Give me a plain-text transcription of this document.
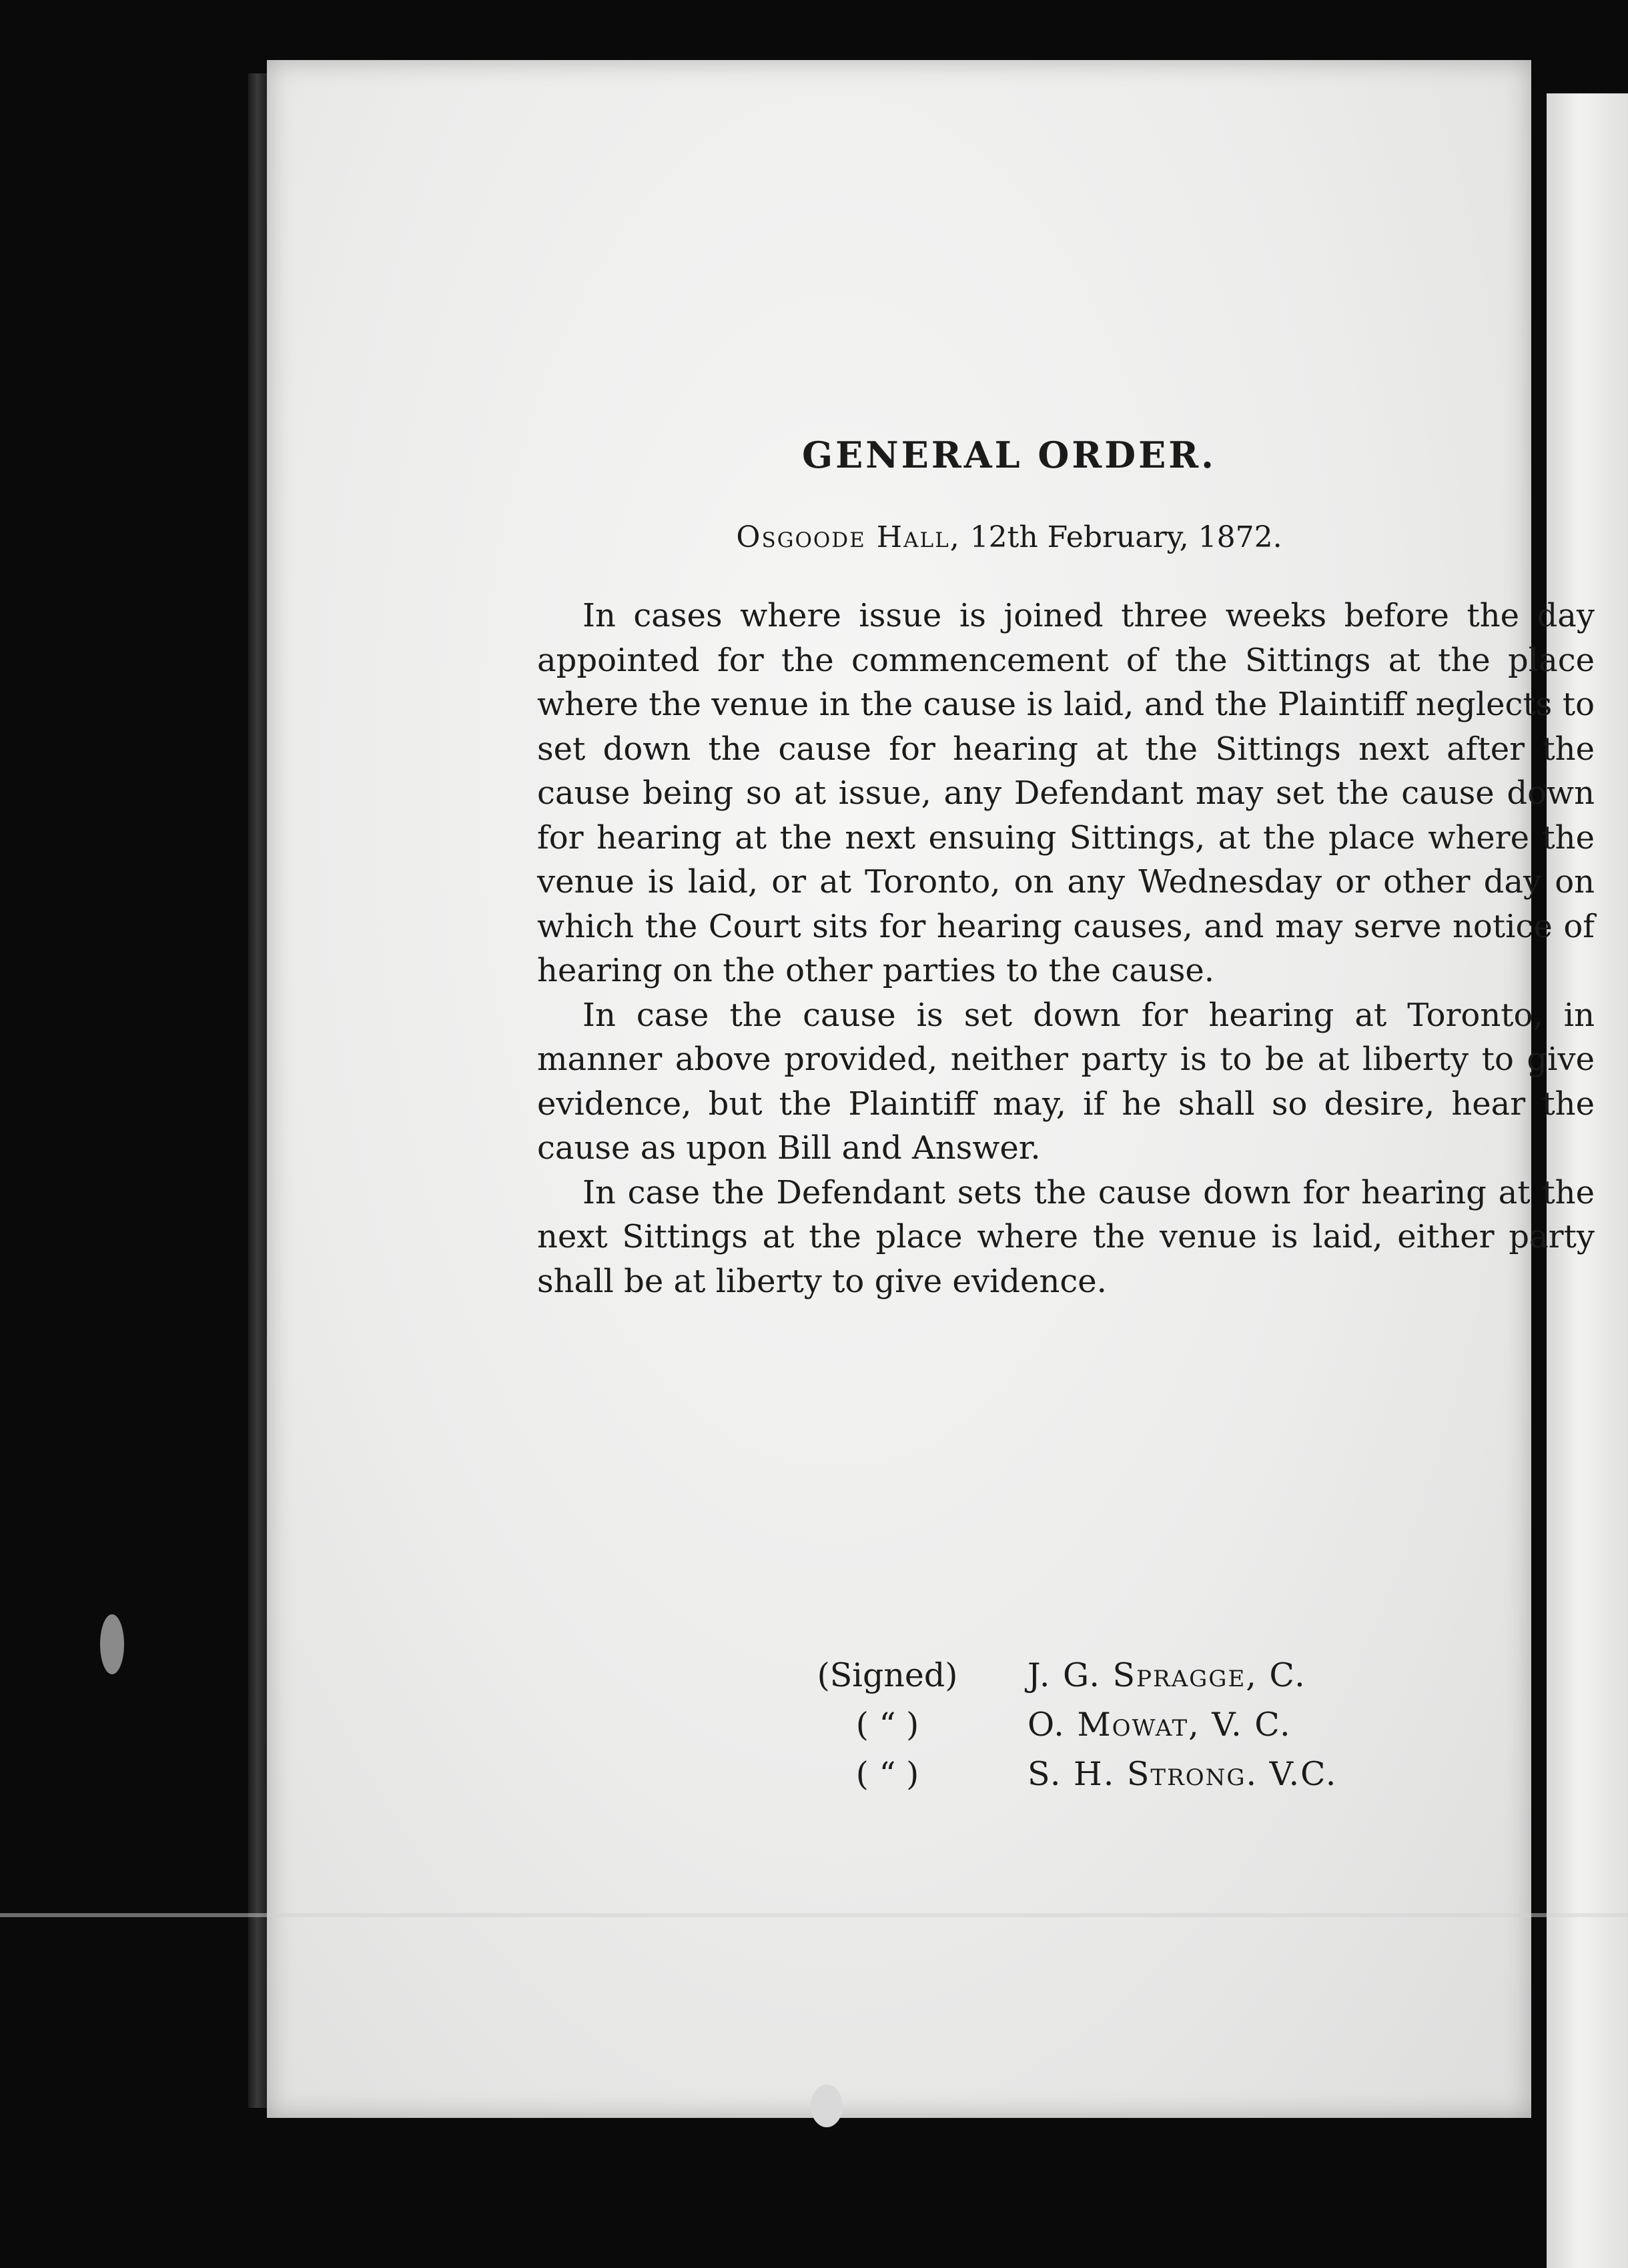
GENERAL ORDER.
Osgoode Hall, 12th February, 1872.

In cases where issue is joined three weeks before the day appointed for the commencement of the Sittings at the place where the venue in the cause is laid, and the Plaintiff neglects to set down the cause for hearing at the Sittings next after the cause being so at issue, any Defendant may set the cause down for hearing at the next ensuing Sittings, at the place where the venue is laid, or at Toronto, on any Wednesday or other day on which the Court sits for hearing causes, and may serve notice of hearing on the other parties to the cause.

In case the cause is set down for hearing at Toronto, in manner above provided, neither party is to be at liberty to give evidence, but the Plaintiff may, if he shall so desire, hear the cause as upon Bill and Answer.

In case the Defendant sets the cause down for hearing at the next Sittings at the place where the venue is laid, either party shall be at liberty to give evidence.

(Signed)	J. G. Spragge, C.
( “ )	O. Mowat, V. C.
( “ )	S. H. Strong. V.C.
